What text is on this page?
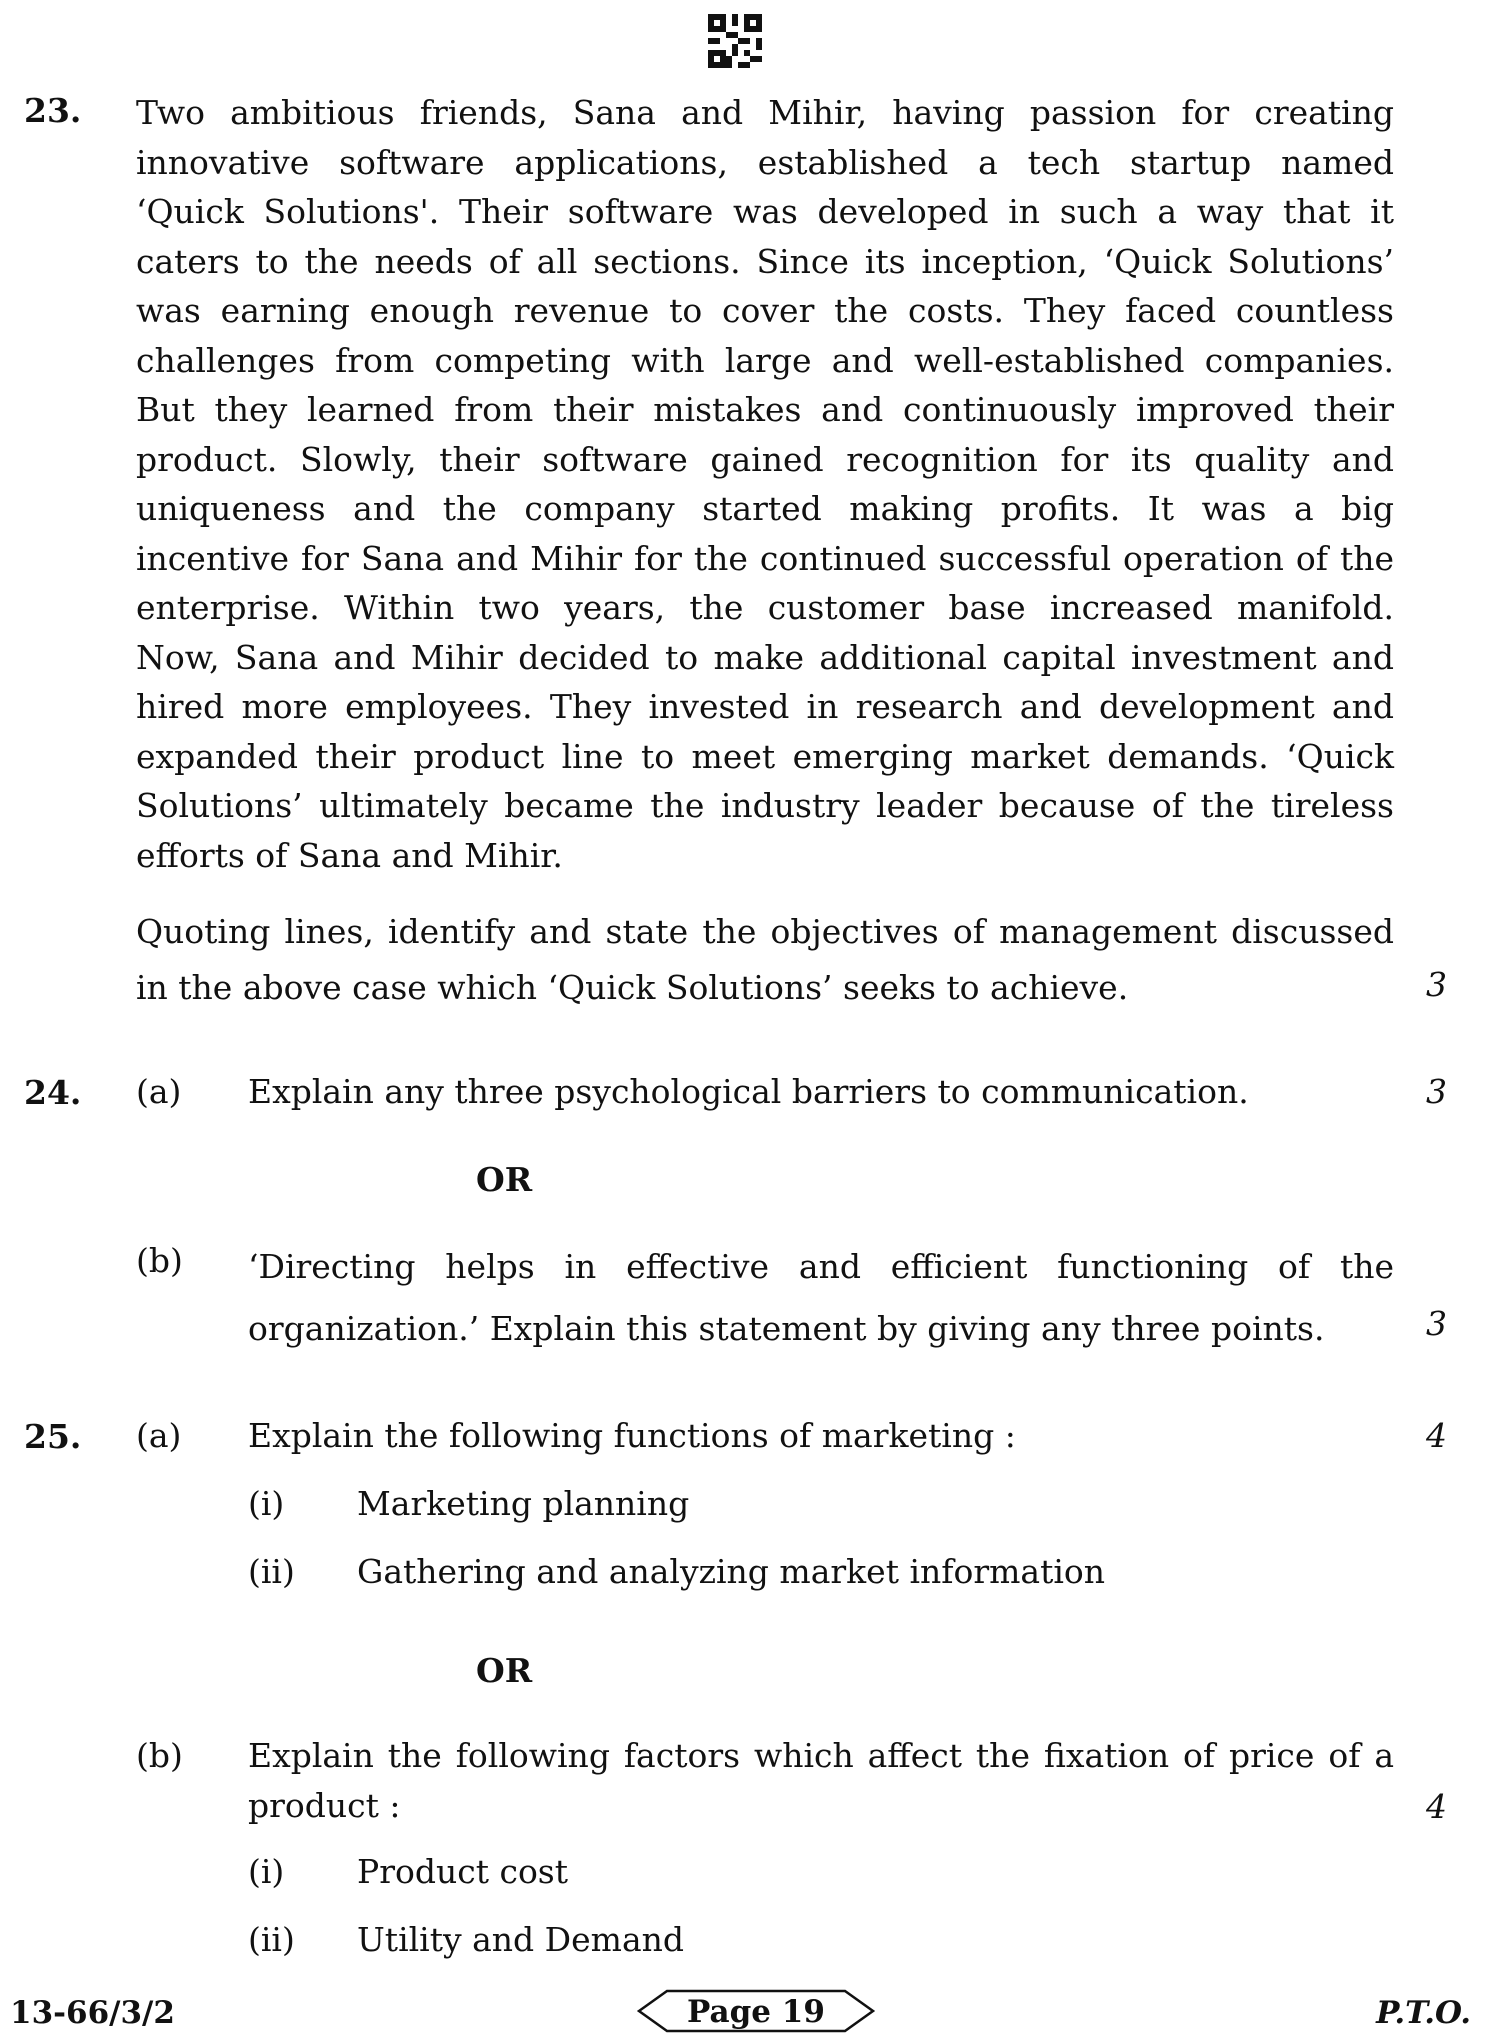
23. Two ambitious friends, Sana and Mihir, having passion for creating
innovative software applications, established a tech startup named
‘Quick Solutions'. Their software was developed in such a way that it
caters to the needs of all sections. Since its inception, ‘Quick Solutions’
was earning enough revenue to cover the costs. They faced countless
challenges from competing with large and well-established companies.
But they learned from their mistakes and continuously improved their
product. Slowly, their software gained recognition for its quality and
uniqueness and the company started making profits. It was a big
incentive for Sana and Mihir for the continued successful operation of the
enterprise. Within two years, the customer base increased manifold.
Now, Sana and Mihir decided to make additional capital investment and
hired more employees. They invested in research and development and
expanded their product line to meet emerging market demands. ‘Quick
Solutions’ ultimately became the industry leader because of the tireless
efforts of Sana and Mihir.
Quoting lines, identify and state the objectives of management discussed
in the above case which ‘Quick Solutions’ seeks to achieve.	3
24. (a) Explain any three psychological barriers to communication.	3
OR
(b) ‘Directing helps in effective and efficient functioning of the
organization.’ Explain this statement by giving any three points.	3
25. (a) Explain the following functions of marketing :	4
(i) Marketing planning
(ii) Gathering and analyzing market information
OR
(b) Explain the following factors which affect the fixation of price of a
product :	4
(i) Product cost
(ii) Utility and Demand
13-66/3/2	Page 19	P.T.O.
